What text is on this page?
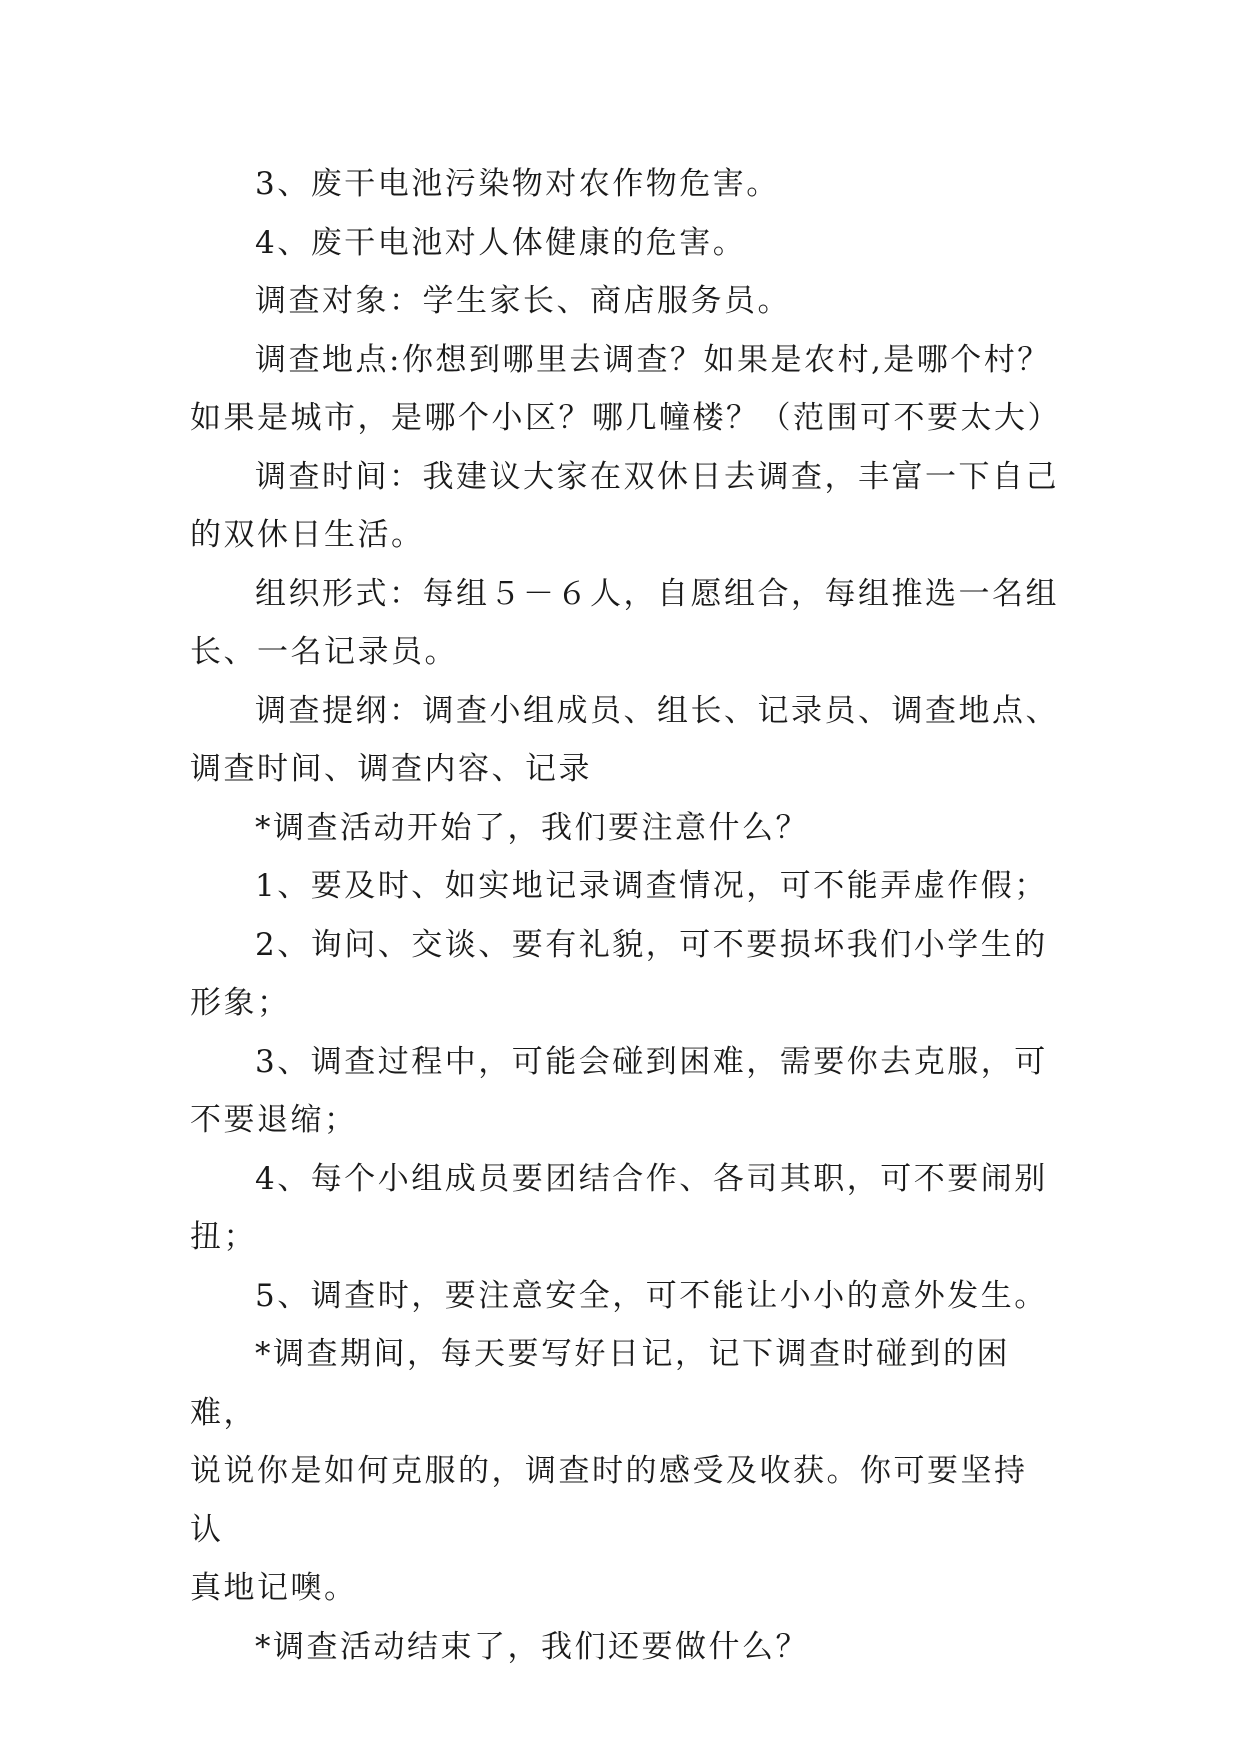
3、废干电池污染物对农作物危害。

4、废干电池对人体健康的危害。

调查对象：学生家长、商店服务员。

调查地点:你想到哪里去调查？如果是农村,是哪个村？
如果是城市，是哪个小区？哪几幢楼？（范围可不要太大）

调查时间：我建议大家在双休日去调查，丰富一下自己
的双休日生活。

组织形式：每组５－６人，自愿组合，每组推选一名组
长、一名记录员。

调查提纲：调查小组成员、组长、记录员、调查地点、
调查时间、调查内容、记录

*调查活动开始了，我们要注意什么？

1、要及时、如实地记录调查情况，可不能弄虚作假；

2、询问、交谈、要有礼貌，可不要损坏我们小学生的
形象；

3、调查过程中，可能会碰到困难，需要你去克服，可
不要退缩；

4、每个小组成员要团结合作、各司其职，可不要闹别
扭；

5、调查时，要注意安全，可不能让小小的意外发生。

*调查期间，每天要写好日记，记下调查时碰到的困难，
说说你是如何克服的，调查时的感受及收获。你可要坚持认
真地记噢。

*调查活动结束了，我们还要做什么？
